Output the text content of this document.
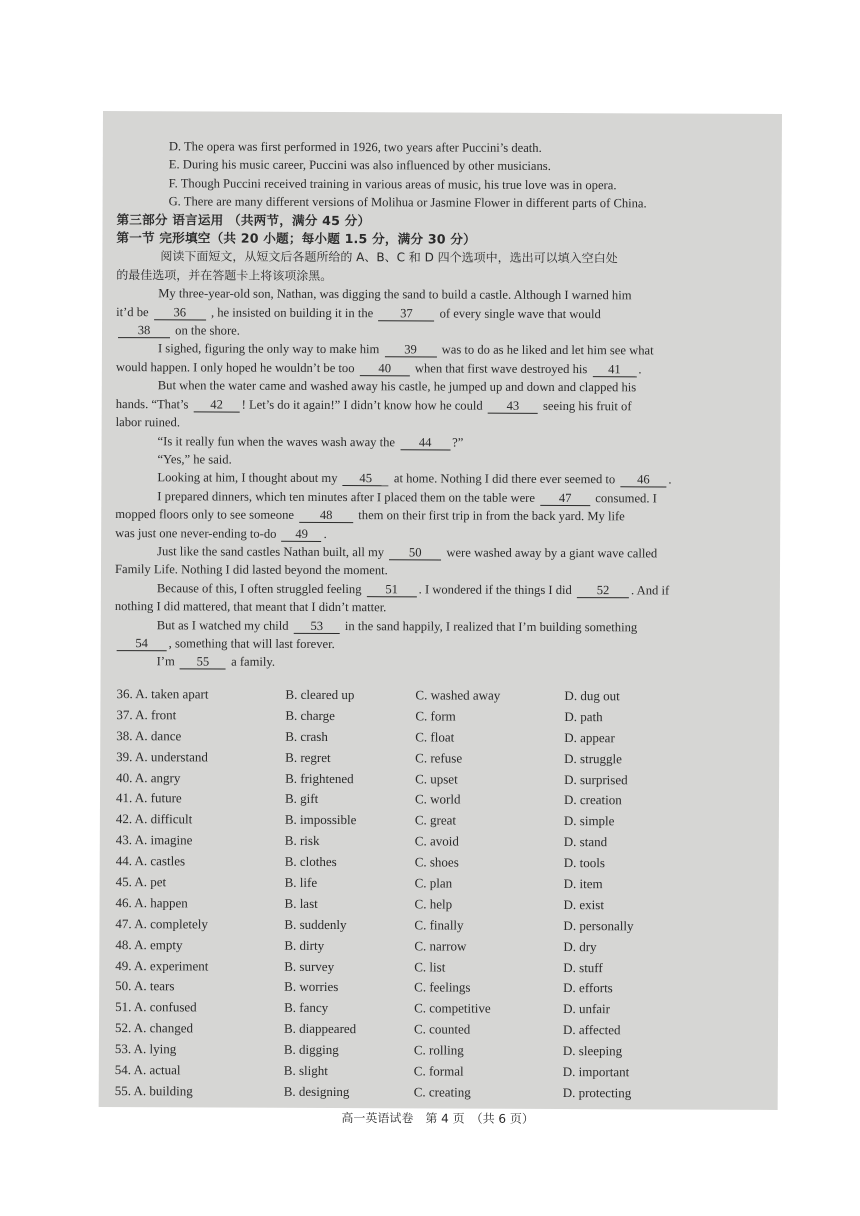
D. The opera was first performed in 1926, two years after Puccini’s death.
E. During his music career, Puccini was also influenced by other musicians.
F. Though Puccini received training in various areas of music, his true love was in opera.
G. There are many different versions of Molihua or Jasmine Flower in different parts of China.
第三部分 语言运用 （共两节，满分 45 分）
第一节 完形填空（共 20 小题；每小题 1.5 分，满分 30 分）
阅读下面短文，从短文后各题所给的 A、B、C 和 D 四个选项中，选出可以填入空白处
的最佳选项，并在答题卡上将该项涂黑。
My three-year-old son, Nathan, was digging the sand to build a castle. Although I warned him
it’d be 36 , he insisted on building it in the 37 of every single wave that would
38 on the shore.
I sighed, figuring the only way to make him 39 was to do as he liked and let him see what
would happen. I only hoped he wouldn’t be too 40 when that first wave destroyed his 41 .
But when the water came and washed away his castle, he jumped up and down and clapped his
hands. “That’s 42 ! Let’s do it again!” I didn’t know how he could 43 seeing his fruit of
labor ruined.
“Is it really fun when the waves wash away the 44 ?”
“Yes,” he said.
Looking at him, I thought about my 45 at home. Nothing I did there ever seemed to 46 .
I prepared dinners, which ten minutes after I placed them on the table were 47 consumed. I
mopped floors only to see someone 48 them on their first trip in from the back yard. My life
was just one never-ending to-do 49 .
Just like the sand castles Nathan built, all my 50 were washed away by a giant wave called
Family Life. Nothing I did lasted beyond the moment.
Because of this, I often struggled feeling 51 . I wondered if the things I did 52 . And if
nothing I did mattered, that meant that I didn’t matter.
But as I watched my child 53 in the sand happily, I realized that I’m building something
54 , something that will last forever.
I’m 55 a family.
36. A. taken apart	B. cleared up	C. washed away	D. dug out
37. A. front	B. charge	C. form	D. path
38. A. dance	B. crash	C. float	D. appear
39. A. understand	B. regret	C. refuse	D. struggle
40. A. angry	B. frightened	C. upset	D. surprised
41. A. future	B. gift	C. world	D. creation
42. A. difficult	B. impossible	C. great	D. simple
43. A. imagine	B. risk	C. avoid	D. stand
44. A. castles	B. clothes	C. shoes	D. tools
45. A. pet	B. life	C. plan	D. item
46. A. happen	B. last	C. help	D. exist
47. A. completely	B. suddenly	C. finally	D. personally
48. A. empty	B. dirty	C. narrow	D. dry
49. A. experiment	B. survey	C. list	D. stuff
50. A. tears	B. worries	C. feelings	D. efforts
51. A. confused	B. fancy	C. competitive	D. unfair
52. A. changed	B. diappeared	C. counted	D. affected
53. A. lying	B. digging	C. rolling	D. sleeping
54. A. actual	B. slight	C. formal	D. important
55. A. building	B. designing	C. creating	D. protecting
高一英语试卷　第 4 页　（共 6 页）
